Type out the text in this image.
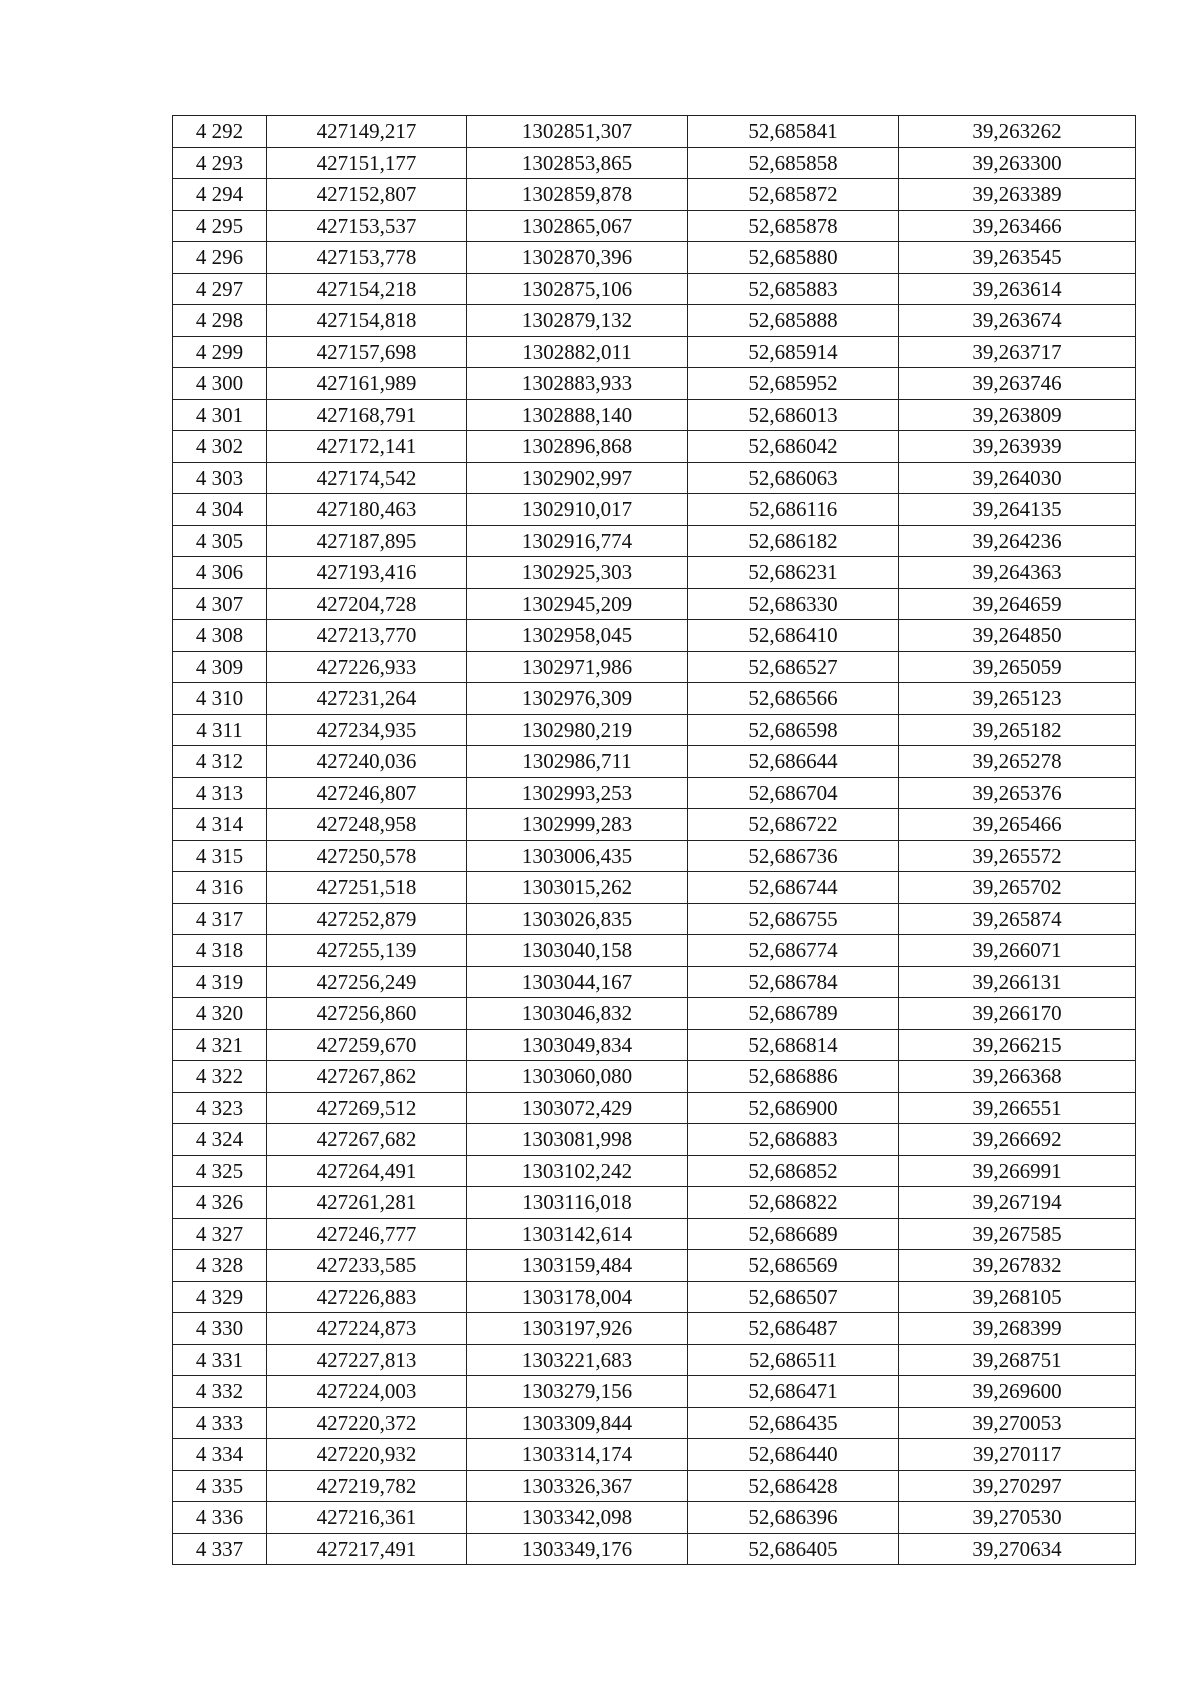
4 292	427149,217	1302851,307	52,685841	39,263262
4 293	427151,177	1302853,865	52,685858	39,263300
4 294	427152,807	1302859,878	52,685872	39,263389
4 295	427153,537	1302865,067	52,685878	39,263466
4 296	427153,778	1302870,396	52,685880	39,263545
4 297	427154,218	1302875,106	52,685883	39,263614
4 298	427154,818	1302879,132	52,685888	39,263674
4 299	427157,698	1302882,011	52,685914	39,263717
4 300	427161,989	1302883,933	52,685952	39,263746
4 301	427168,791	1302888,140	52,686013	39,263809
4 302	427172,141	1302896,868	52,686042	39,263939
4 303	427174,542	1302902,997	52,686063	39,264030
4 304	427180,463	1302910,017	52,686116	39,264135
4 305	427187,895	1302916,774	52,686182	39,264236
4 306	427193,416	1302925,303	52,686231	39,264363
4 307	427204,728	1302945,209	52,686330	39,264659
4 308	427213,770	1302958,045	52,686410	39,264850
4 309	427226,933	1302971,986	52,686527	39,265059
4 310	427231,264	1302976,309	52,686566	39,265123
4 311	427234,935	1302980,219	52,686598	39,265182
4 312	427240,036	1302986,711	52,686644	39,265278
4 313	427246,807	1302993,253	52,686704	39,265376
4 314	427248,958	1302999,283	52,686722	39,265466
4 315	427250,578	1303006,435	52,686736	39,265572
4 316	427251,518	1303015,262	52,686744	39,265702
4 317	427252,879	1303026,835	52,686755	39,265874
4 318	427255,139	1303040,158	52,686774	39,266071
4 319	427256,249	1303044,167	52,686784	39,266131
4 320	427256,860	1303046,832	52,686789	39,266170
4 321	427259,670	1303049,834	52,686814	39,266215
4 322	427267,862	1303060,080	52,686886	39,266368
4 323	427269,512	1303072,429	52,686900	39,266551
4 324	427267,682	1303081,998	52,686883	39,266692
4 325	427264,491	1303102,242	52,686852	39,266991
4 326	427261,281	1303116,018	52,686822	39,267194
4 327	427246,777	1303142,614	52,686689	39,267585
4 328	427233,585	1303159,484	52,686569	39,267832
4 329	427226,883	1303178,004	52,686507	39,268105
4 330	427224,873	1303197,926	52,686487	39,268399
4 331	427227,813	1303221,683	52,686511	39,268751
4 332	427224,003	1303279,156	52,686471	39,269600
4 333	427220,372	1303309,844	52,686435	39,270053
4 334	427220,932	1303314,174	52,686440	39,270117
4 335	427219,782	1303326,367	52,686428	39,270297
4 336	427216,361	1303342,098	52,686396	39,270530
4 337	427217,491	1303349,176	52,686405	39,270634
